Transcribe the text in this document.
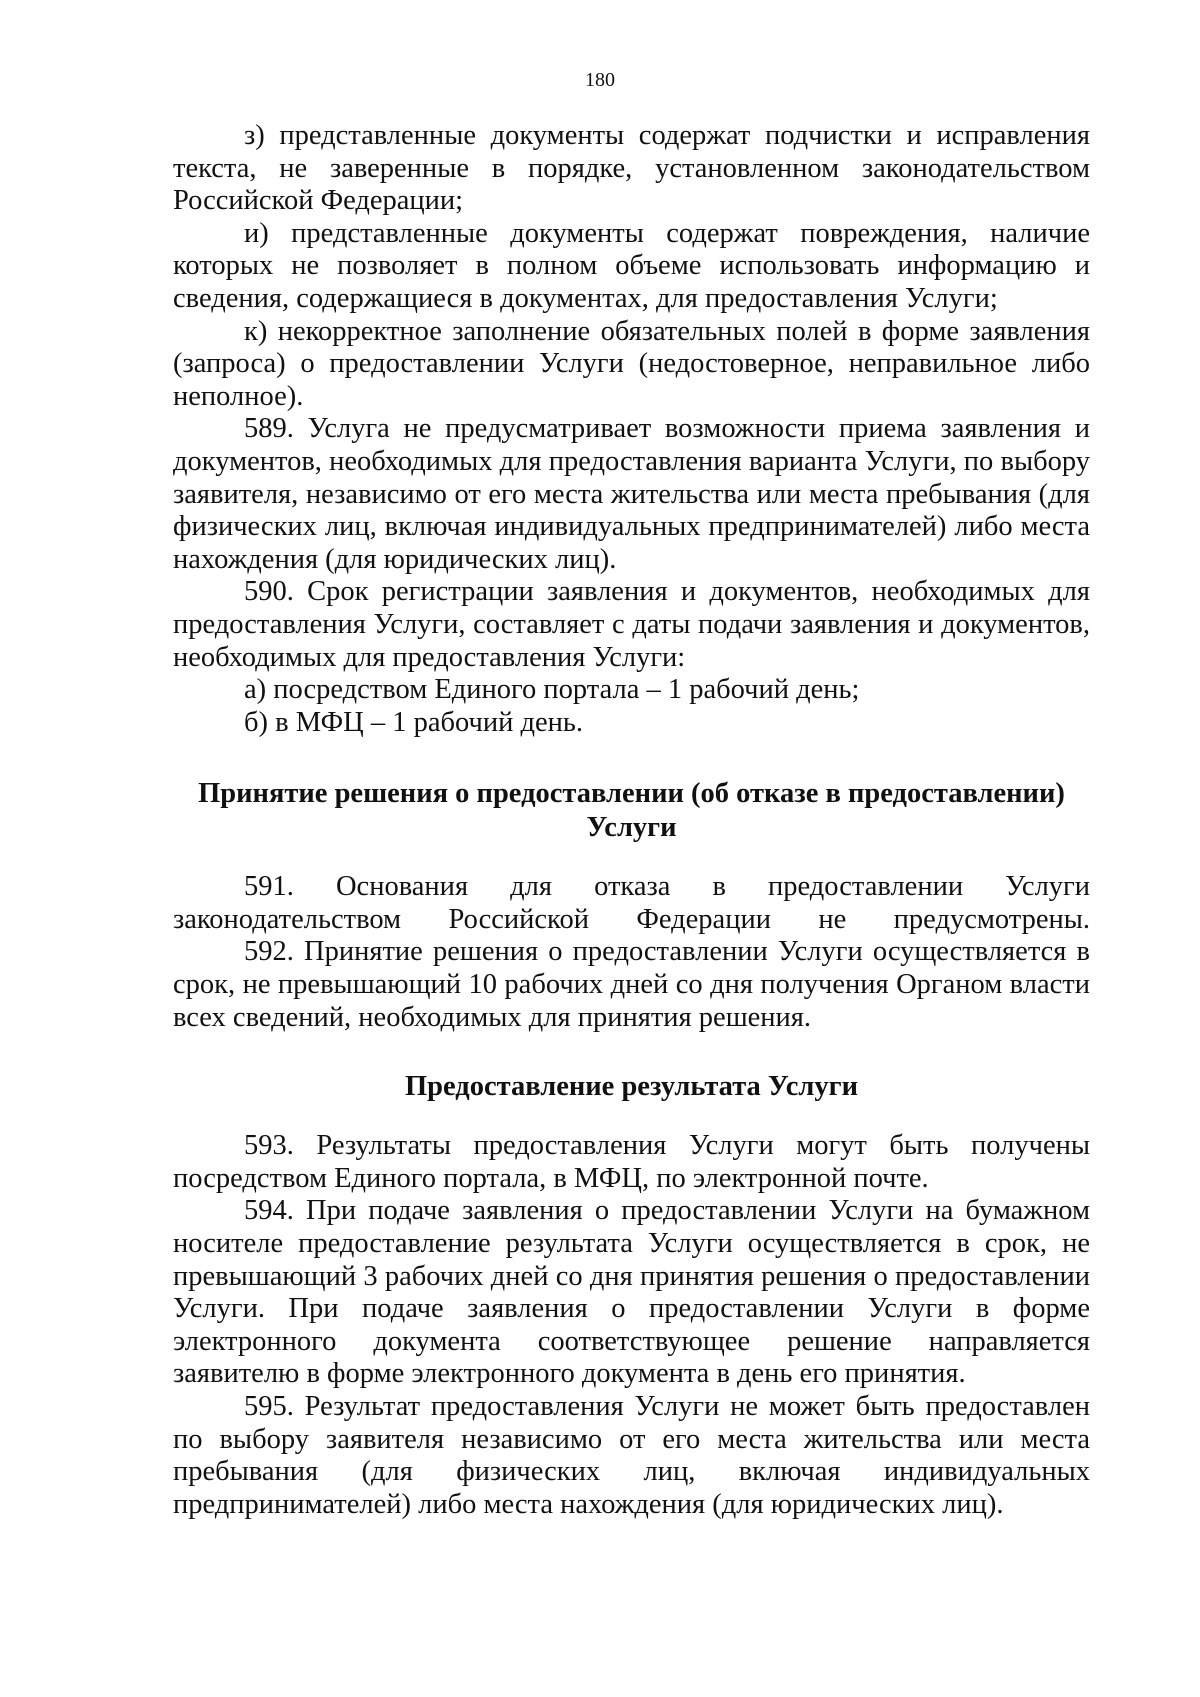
180

з) представленные документы содержат подчистки и исправления текста, не заверенные в порядке, установленном законодательством Российской Федерации;

и) представленные документы содержат повреждения, наличие которых не позволяет в полном объеме использовать информацию и сведения, содержащиеся в документах, для предоставления Услуги;

к) некорректное заполнение обязательных полей в форме заявления (запроса) о предоставлении Услуги (недостоверное, неправильное либо неполное).

589. Услуга не предусматривает возможности приема заявления и документов, необходимых для предоставления варианта Услуги, по выбору заявителя, независимо от его места жительства или места пребывания (для физических лиц, включая индивидуальных предпринимателей) либо места нахождения (для юридических лиц).

590. Срок регистрации заявления и документов, необходимых для предоставления Услуги, составляет с даты подачи заявления и документов, необходимых для предоставления Услуги:

а) посредством Единого портала – 1 рабочий день;

б) в МФЦ – 1 рабочий день.

Принятие решения о предоставлении (об отказе в предоставлении)
Услуги

591. Основания для отказа в предоставлении Услуги законодательством Российской Федерации не предусмотрены.

592. Принятие решения о предоставлении Услуги осуществляется в срок, не превышающий 10 рабочих дней со дня получения Органом власти всех сведений, необходимых для принятия решения.

Предоставление результата Услуги

593. Результаты предоставления Услуги могут быть получены посредством Единого портала, в МФЦ, по электронной почте.

594. При подаче заявления о предоставлении Услуги на бумажном носителе предоставление результата Услуги осуществляется в срок, не превышающий 3 рабочих дней со дня принятия решения о предоставлении Услуги. При подаче заявления о предоставлении Услуги в форме электронного документа соответствующее решение направляется заявителю в форме электронного документа в день его принятия.

595. Результат предоставления Услуги не может быть предоставлен по выбору заявителя независимо от его места жительства или места пребывания (для физических лиц, включая индивидуальных предпринимателей) либо места нахождения (для юридических лиц).
